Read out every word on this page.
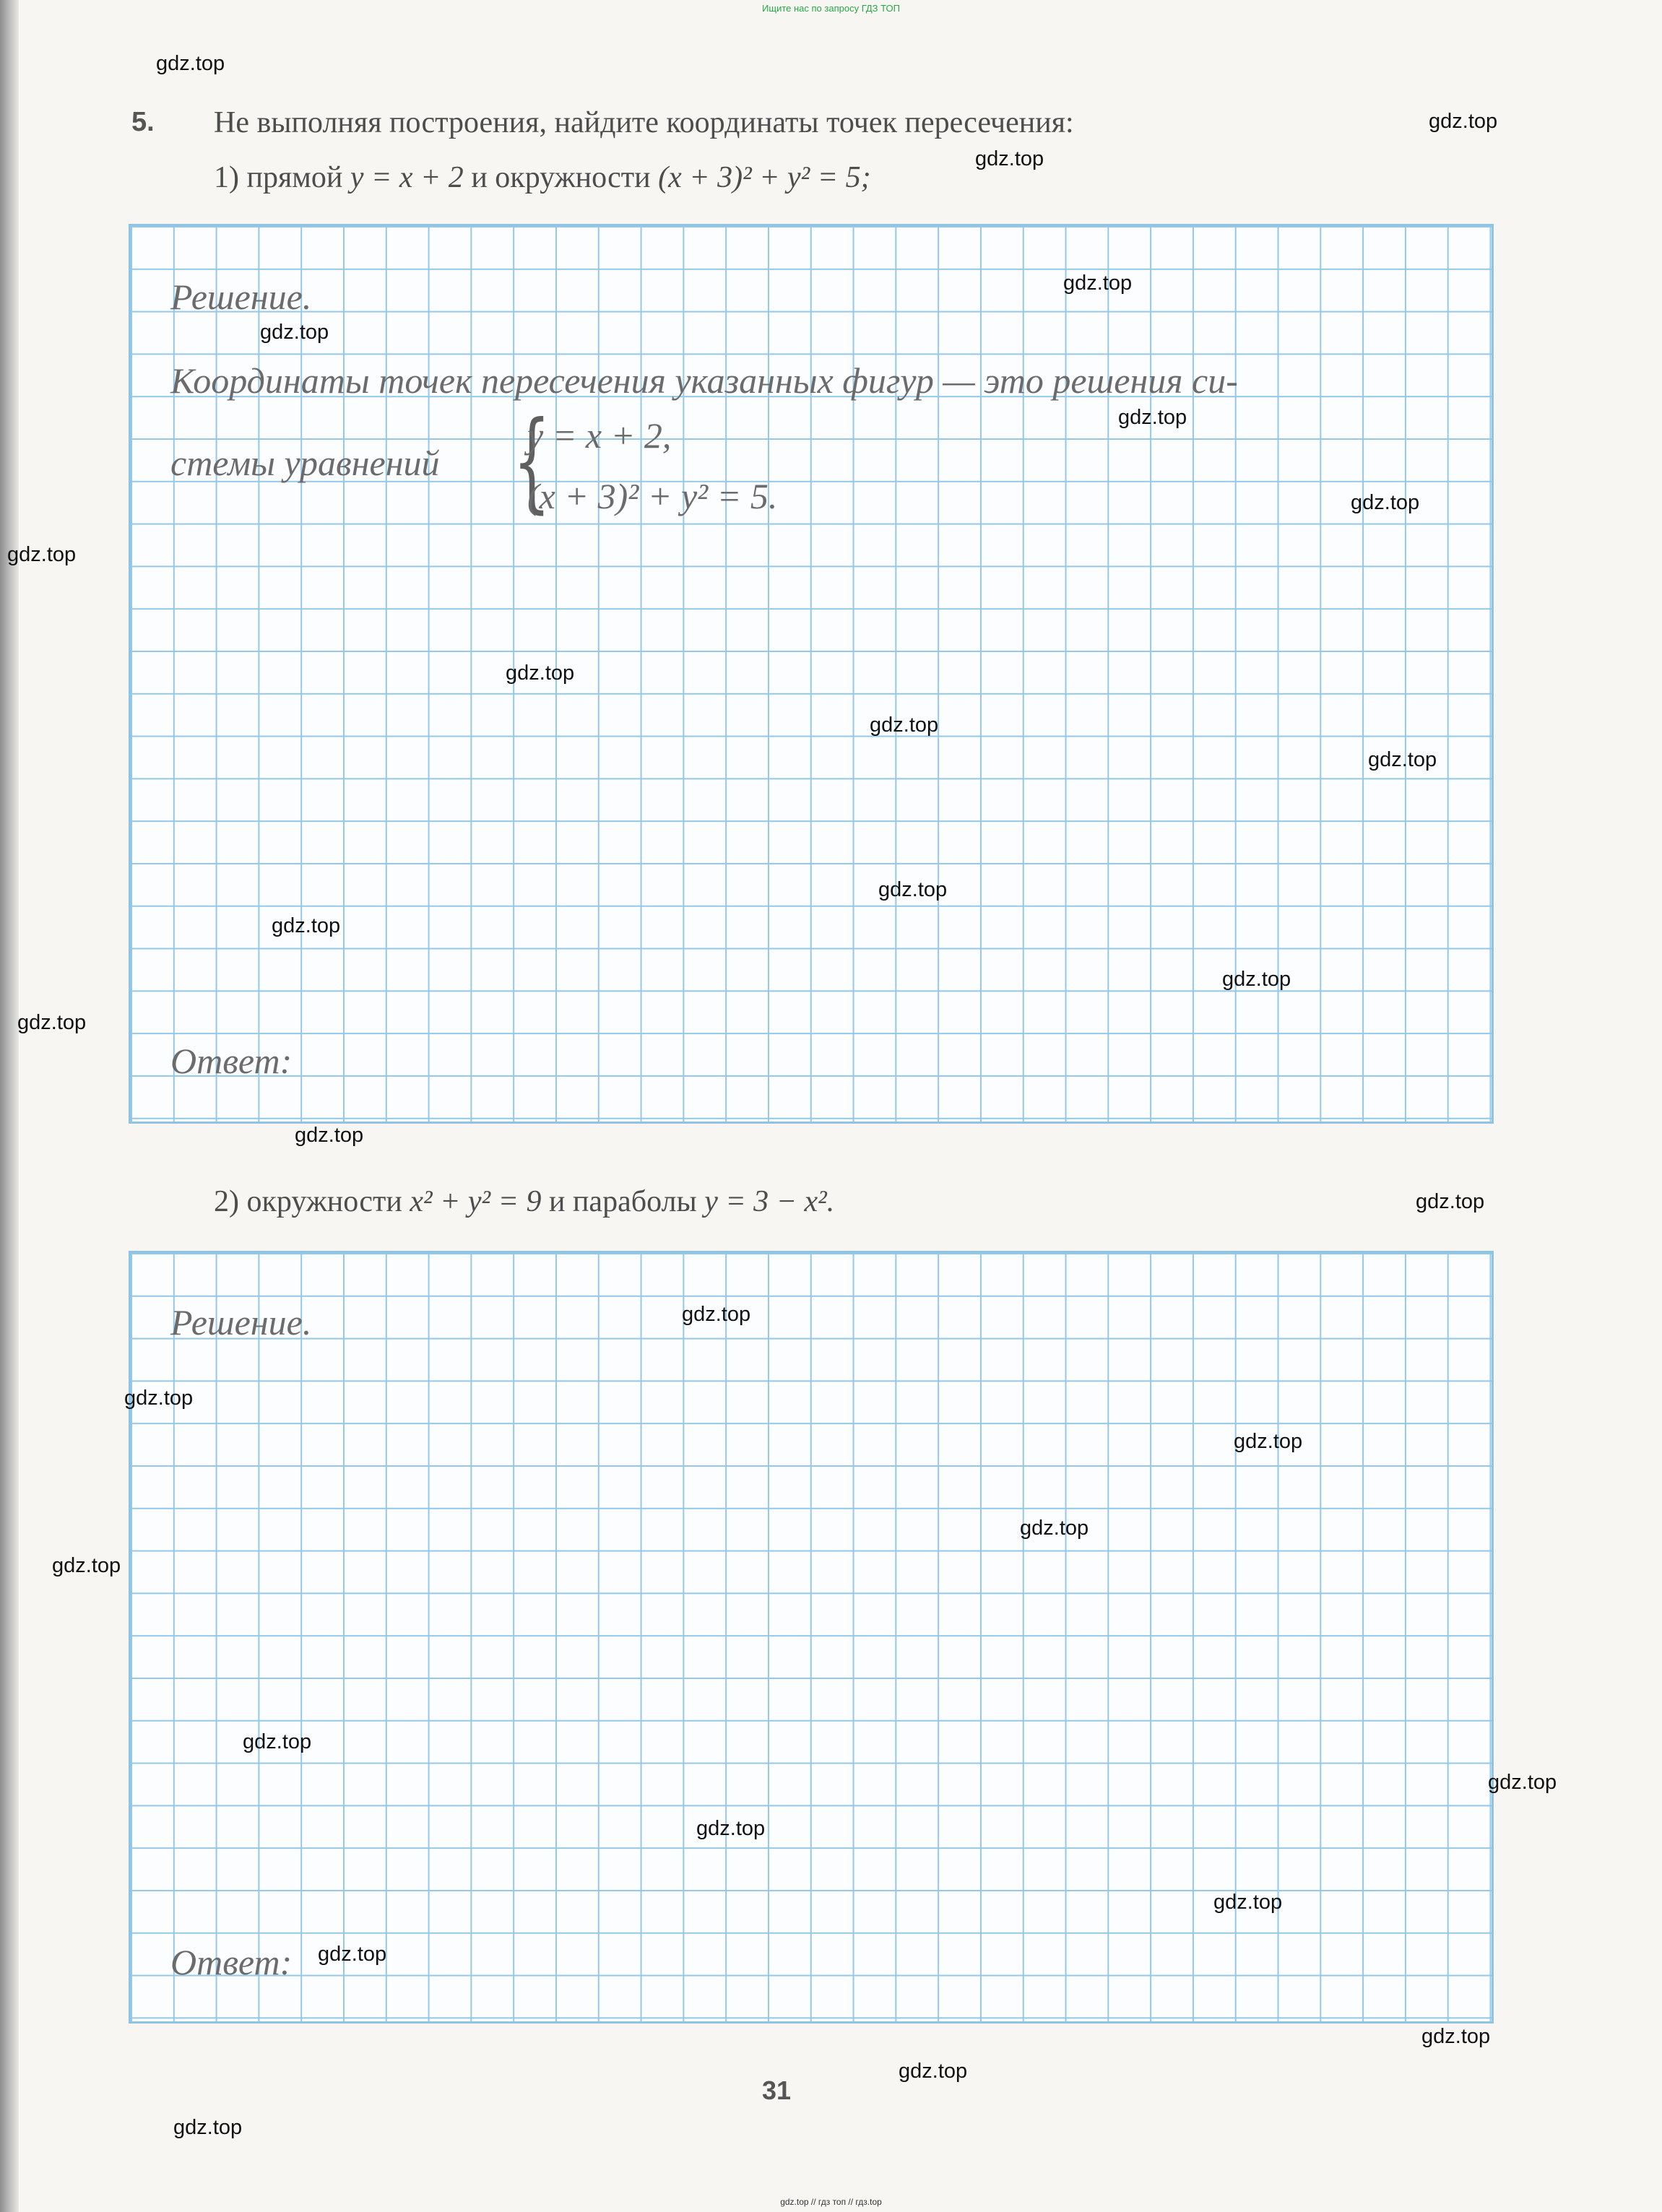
Ищите нас по запросу ГДЗ ТОП
5. Не выполняя построения, найдите координаты точек пересечения:
1) прямой y = x + 2 и окружности (x + 3)² + y² = 5;
Решение.
Координаты точек пересечения указанных фигур — это решения си-
стемы уравнений {
y = x + 2,
(x + 3)² + y² = 5.
Ответ:
2) окружности x² + y² = 9 и параболы y = 3 − x².
Решение.
Ответ:
31
gdz.top // гдз топ // гдз.top
gdz.top
gdz.top
gdz.top
gdz.top
gdz.top
gdz.top
gdz.top
gdz.top
gdz.top
gdz.top
gdz.top
gdz.top
gdz.top
gdz.top
gdz.top
gdz.top
gdz.top
gdz.top
gdz.top
gdz.top
gdz.top
gdz.top
gdz.top
gdz.top
gdz.top
gdz.top
gdz.top
gdz.top
gdz.top
gdz.top
